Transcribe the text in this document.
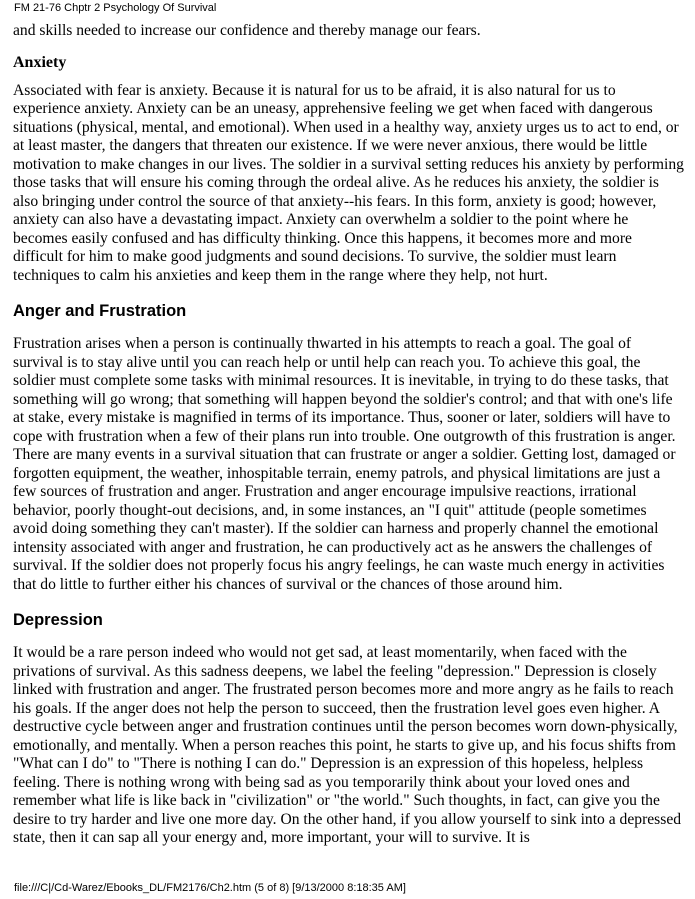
FM 21-76 Chptr 2 Psychology Of Survival

and skills needed to increase our confidence and thereby manage our fears.

Anxiety

Associated with fear is anxiety. Because it is natural for us to be afraid, it is also natural for us to experience anxiety. Anxiety can be an uneasy, apprehensive feeling we get when faced with dangerous situations (physical, mental, and emotional). When used in a healthy way, anxiety urges us to act to end, or at least master, the dangers that threaten our existence. If we were never anxious, there would be little motivation to make changes in our lives. The soldier in a survival setting reduces his anxiety by performing those tasks that will ensure his coming through the ordeal alive. As he reduces his anxiety, the soldier is also bringing under control the source of that anxiety--his fears. In this form, anxiety is good; however, anxiety can also have a devastating impact. Anxiety can overwhelm a soldier to the point where he becomes easily confused and has difficulty thinking. Once this happens, it becomes more and more difficult for him to make good judgments and sound decisions. To survive, the soldier must learn techniques to calm his anxieties and keep them in the range where they help, not hurt.

Anger and Frustration

Frustration arises when a person is continually thwarted in his attempts to reach a goal. The goal of survival is to stay alive until you can reach help or until help can reach you. To achieve this goal, the soldier must complete some tasks with minimal resources. It is inevitable, in trying to do these tasks, that something will go wrong; that something will happen beyond the soldier's control; and that with one's life at stake, every mistake is magnified in terms of its importance. Thus, sooner or later, soldiers will have to cope with frustration when a few of their plans run into trouble. One outgrowth of this frustration is anger. There are many events in a survival situation that can frustrate or anger a soldier. Getting lost, damaged or forgotten equipment, the weather, inhospitable terrain, enemy patrols, and physical limitations are just a few sources of frustration and anger. Frustration and anger encourage impulsive reactions, irrational behavior, poorly thought-out decisions, and, in some instances, an "I quit" attitude (people sometimes avoid doing something they can't master). If the soldier can harness and properly channel the emotional intensity associated with anger and frustration, he can productively act as he answers the challenges of survival. If the soldier does not properly focus his angry feelings, he can waste much energy in activities that do little to further either his chances of survival or the chances of those around him.

Depression

It would be a rare person indeed who would not get sad, at least momentarily, when faced with the privations of survival. As this sadness deepens, we label the feeling "depression." Depression is closely linked with frustration and anger. The frustrated person becomes more and more angry as he fails to reach his goals. If the anger does not help the person to succeed, then the frustration level goes even higher. A destructive cycle between anger and frustration continues until the person becomes worn down-physically, emotionally, and mentally. When a person reaches this point, he starts to give up, and his focus shifts from "What can I do" to "There is nothing I can do." Depression is an expression of this hopeless, helpless feeling. There is nothing wrong with being sad as you temporarily think about your loved ones and remember what life is like back in "civilization" or "the world." Such thoughts, in fact, can give you the desire to try harder and live one more day. On the other hand, if you allow yourself to sink into a depressed state, then it can sap all your energy and, more important, your will to survive. It is

file:///C|/Cd-Warez/Ebooks_DL/FM2176/Ch2.htm (5 of 8) [9/13/2000 8:18:35 AM]
